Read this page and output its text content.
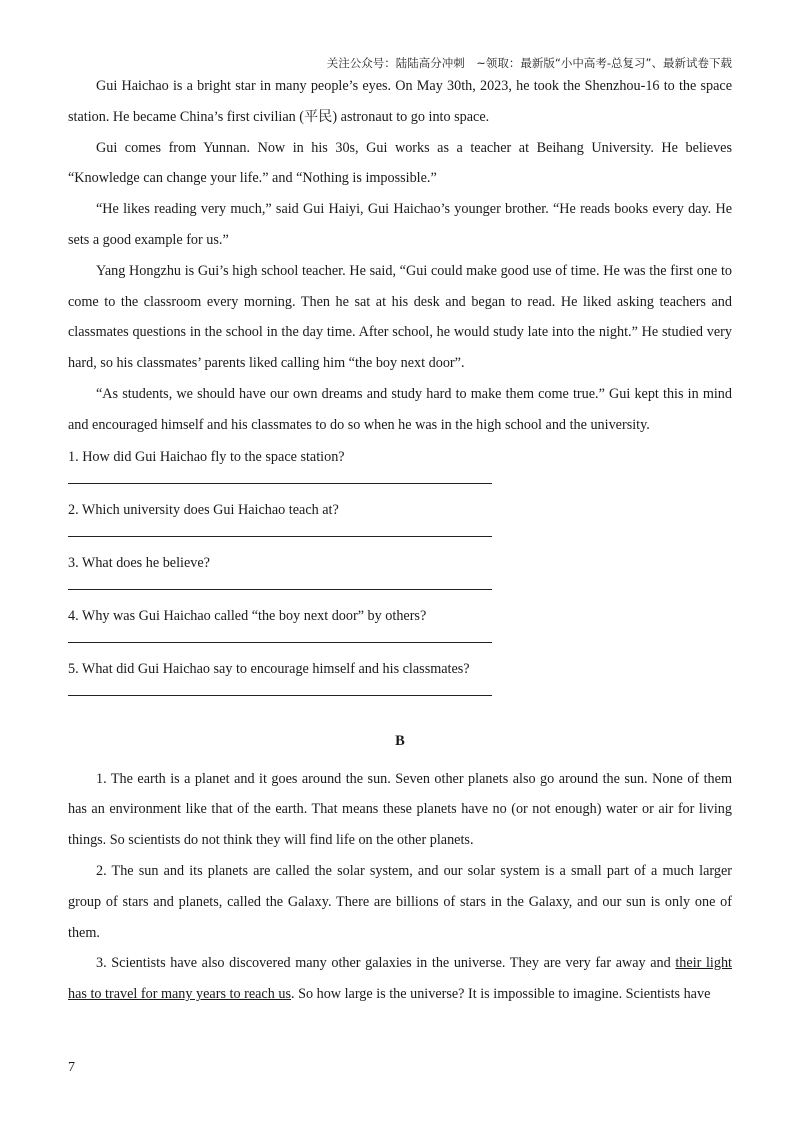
关注公众号：陆陆高分冲刺　~领取：最新版“小中高考-总复习”、最新试卷下载

Gui Haichao is a bright star in many people’s eyes. On May 30th, 2023, he took the Shenzhou-16 to the space station. He became China’s first civilian (平民) astronaut to go into space.

Gui comes from Yunnan. Now in his 30s, Gui works as a teacher at Beihang University. He believes “Knowledge can change your life.” and “Nothing is impossible.”

“He likes reading very much,” said Gui Haiyi, Gui Haichao’s younger brother. “He reads books every day. He sets a good example for us.”

Yang Hongzhu is Gui’s high school teacher. He said, “Gui could make good use of time. He was the first one to come to the classroom every morning. Then he sat at his desk and began to read. He liked asking teachers and classmates questions in the school in the day time. After school, he would study late into the night.” He studied very hard, so his classmates’ parents liked calling him “the boy next door”.

“As students, we should have our own dreams and study hard to make them come true.” Gui kept this in mind and encouraged himself and his classmates to do so when he was in the high school and the university.

1. How did Gui Haichao fly to the space station?

2. Which university does Gui Haichao teach at?

3. What does he believe?

4. Why was Gui Haichao called “the boy next door” by others?

5. What did Gui Haichao say to encourage himself and his classmates?

B

1. The earth is a planet and it goes around the sun. Seven other planets also go around the sun. None of them has an environment like that of the earth. That means these planets have no (or not enough) water or air for living things. So scientists do not think they will find life on the other planets.

2. The sun and its planets are called the solar system, and our solar system is a small part of a much larger group of stars and planets, called the Galaxy. There are billions of stars in the Galaxy, and our sun is only one of them.

3. Scientists have also discovered many other galaxies in the universe. They are very far away and their light has to travel for many years to reach us. So how large is the universe? It is impossible to imagine. Scientists have

7
